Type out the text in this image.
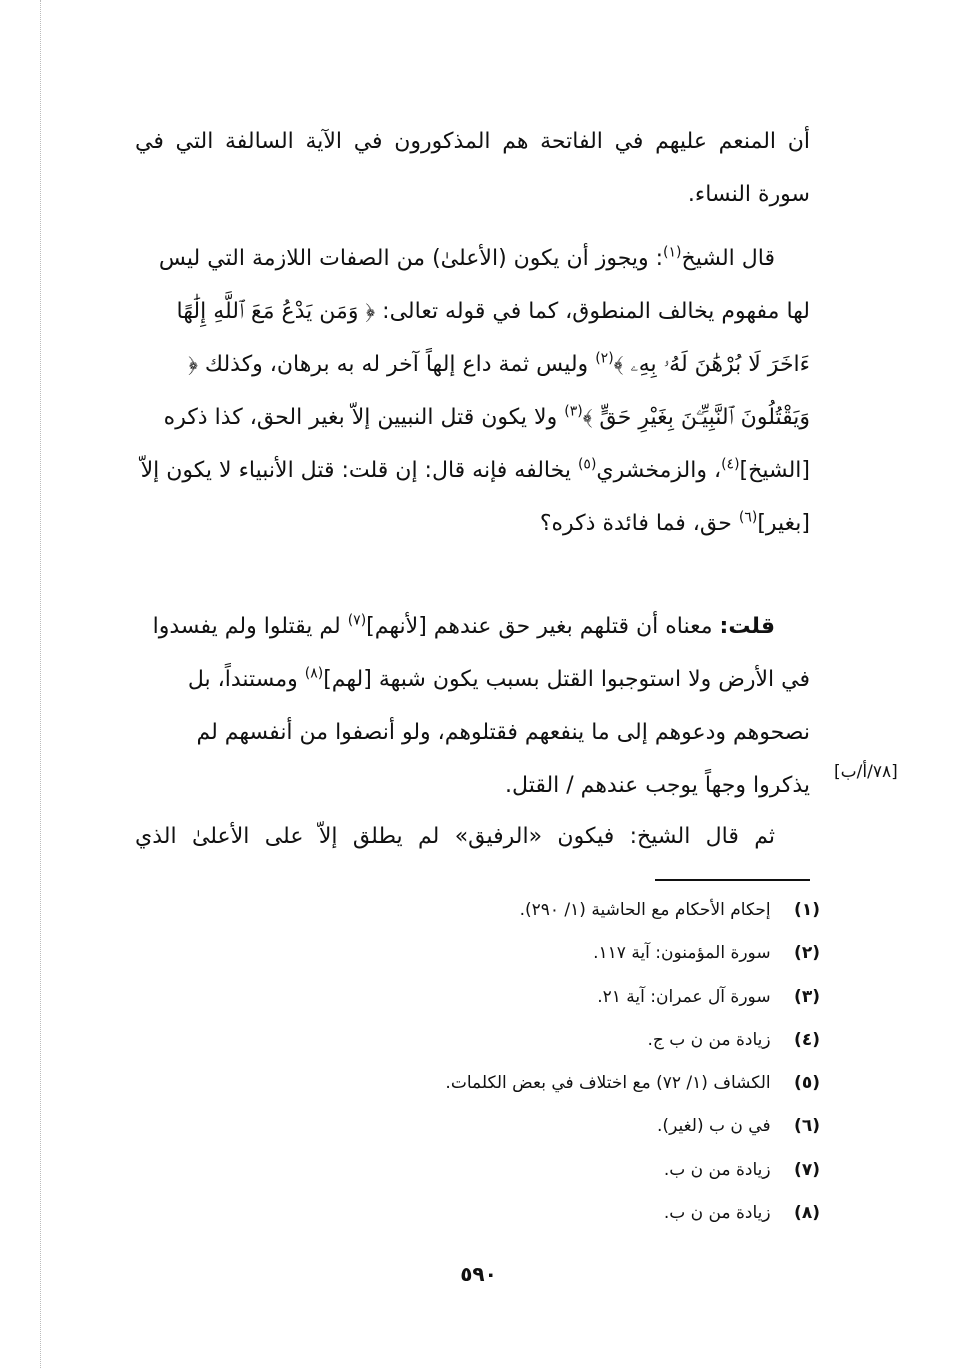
أن المنعم عليهم في الفاتحة هم المذكورون في الآية السالفة التي في

سورة النساء.

قال الشيخ$^{(١)}$: ويجوز أن يكون (الأعلىٰ) من الصفات اللازمة التي ليس لها مفهوم يخالف المنطوق، كما في قوله تعالى: ﴿ وَمَن يَدْعُ مَعَ ٱللَّهِ إِلَٰهًا ءَاخَرَ لَا بُرْهَٰنَ لَهُۥ بِهِۦ ﴾$^{(٢)}$ وليس ثمة داع إلهاً آخر له به برهان، وكذلك ﴿ وَيَقْتُلُونَ ٱلنَّبِيِّـۧنَ بِغَيْرِ حَقٍّ ﴾$^{(٣)}$ ولا يكون قتل النبيين إلاّ بغير الحق، كذا ذكره [الشيخ]$^{(٤)}$، والزمخشري$^{(٥)}$ يخالفه فإنه قال: إن قلت: قتل الأنبياء لا يكون إلاّ [بغير]$^{(٦)}$ حق، فما فائدة ذكره؟

قلت: معناه أن قتلهم بغير حق عندهم [لأنهم]$^{(٧)}$ لم يقتلوا ولم يفسدوا في الأرض ولا استوجبوا القتل بسبب يكون شبهة [لهم]$^{(٨)}$ ومستنداً، بل نصحوهم ودعوهم إلى ما ينفعهم فقتلوهم، ولو أنصفوا من أنفسهم لم يذكروا وجهاً يوجب عندهم / القتل.

[٧٨/أ/ب]

ثم قال الشيخ: فيكون «الرفيق» لم يطلق إلاّ على الأعلىٰ الذي

(١) إحكام الأحكام مع الحاشية (١/ ٢٩٠).
(٢) سورة المؤمنون: آية ١١٧.
(٣) سورة آل عمران: آية ٢١.
(٤) زيادة من ن ب ج.
(٥) الكشاف (١/ ٧٢) مع اختلاف في بعض الكلمات.
(٦) في ن ب (لغير).
(٧) زيادة من ن ب.
(٨) زيادة من ن ب.
٥٩٠
